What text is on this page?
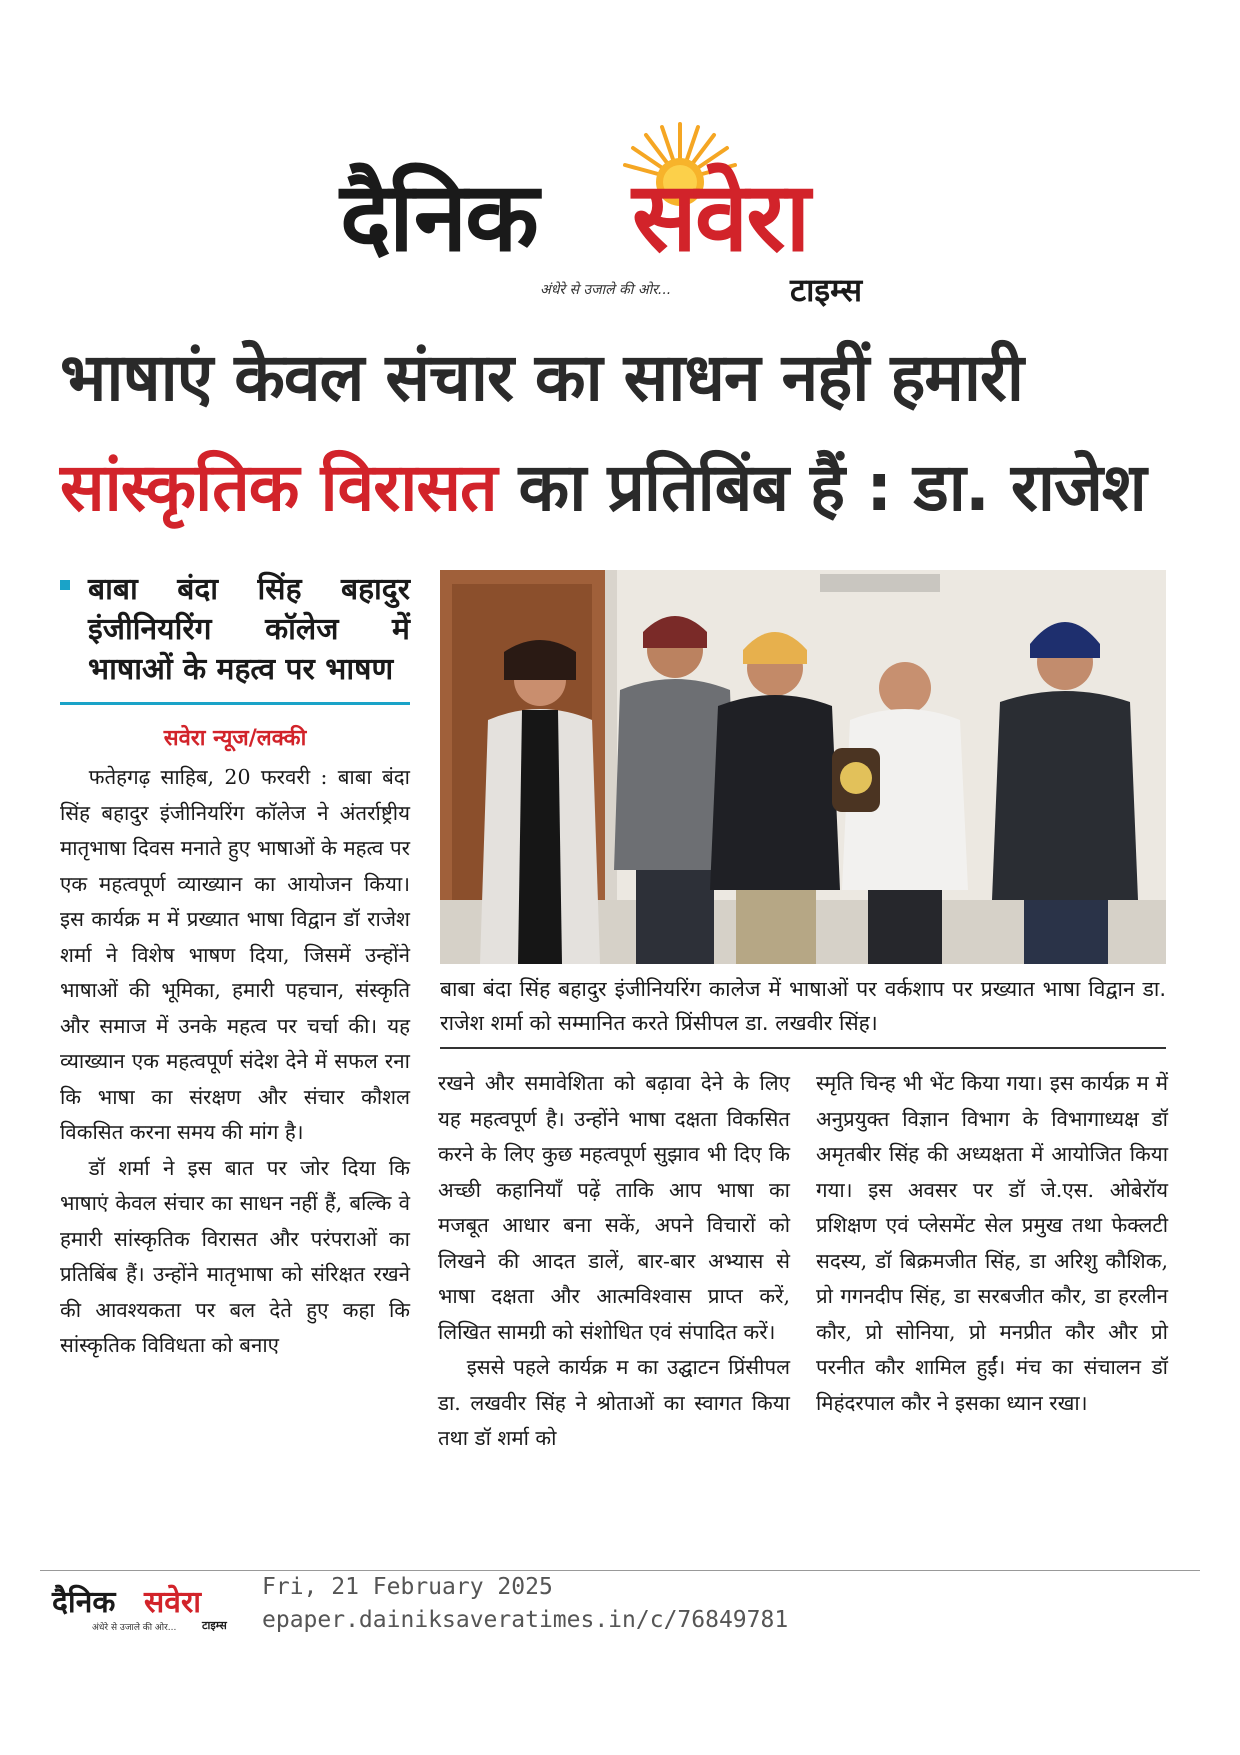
दैनिक सवेरा
अंधेरे से उजाले की ओर...	टाइम्स
भाषाएं केवल संचार का साधन नहीं हमारी
सांस्कृतिक विरासत का प्रतिबिंब हैं : डा. राजेश
बाबा बंदा सिंह बहादुर इंजीनियरिंग कॉलेज में भाषाओं के महत्व पर भाषण
सवेरा न्यूज/लक्की

फतेहगढ़ साहिब, 20 फरवरी : बाबा बंदा सिंह बहादुर इंजीनियरिंग कॉलेज ने अंतर्राष्ट्रीय मातृभाषा दिवस मनाते हुए भाषाओं के महत्व पर एक महत्वपूर्ण व्याख्यान का आयोजन किया। इस कार्यक्र म में प्रख्यात भाषा विद्वान डॉ राजेश शर्मा ने विशेष भाषण दिया, जिसमें उन्होंने भाषाओं की भूमिका, हमारी पहचान, संस्कृति और समाज में उनके महत्व पर चर्चा की। यह व्याख्यान एक महत्वपूर्ण संदेश देने में सफल रना कि भाषा का संरक्षण और संचार कौशल विकसित करना समय की मांग है।

डॉ शर्मा ने इस बात पर जोर दिया कि भाषाएं केवल संचार का साधन नहीं हैं, बल्कि वे हमारी सांस्कृतिक विरासत और परंपराओं का प्रतिबिंब हैं। उन्होंने मातृभाषा को संरिक्षत रखने की आवश्यकता पर बल देते हुए कहा कि सांस्कृतिक विविधता को बनाए

बाबा बंदा सिंह बहादुर इंजीनियरिंग कालेज में भाषाओं पर वर्कशाप पर प्रख्यात भाषा विद्वान डा. राजेश शर्मा को सम्मानित करते प्रिंसीपल डा. लखवीर सिंह।

रखने और समावेशिता को बढ़ावा देने के लिए यह महत्वपूर्ण है। उन्होंने भाषा दक्षता विकसित करने के लिए कुछ महत्वपूर्ण सुझाव भी दिए कि अच्छी कहानियाँ पढ़ें ताकि आप भाषा का मजबूत आधार बना सकें, अपने विचारों को लिखने की आदत डालें, बार-बार अभ्यास से भाषा दक्षता और आत्मविश्वास प्राप्त करें, लिखित सामग्री को संशोधित एवं संपादित करें।

इससे पहले कार्यक्र म का उद्घाटन प्रिंसीपल डा. लखवीर सिंह ने श्रोताओं का स्वागत किया तथा डॉ शर्मा को

स्मृति चिन्ह भी भेंट किया गया। इस कार्यक्र म में अनुप्रयुक्त विज्ञान विभाग के विभागाध्यक्ष डॉ अमृतबीर सिंह की अध्यक्षता में आयोजित किया गया। इस अवसर पर डॉ जे.एस. ओबेरॉय प्रशिक्षण एवं प्लेसमेंट सेल प्रमुख तथा फेक्लटी सदस्य, डॉ बिक्रमजीत सिंह, डा अरिशु कौशिक, प्रो गगनदीप सिंह, डा सरबजीत कौर, डा हरलीन कौर, प्रो सोनिया, प्रो मनप्रीत कौर और प्रो परनीत कौर शामिल हुईं। मंच का संचालन डॉ मिहंदरपाल कौर ने इसका ध्यान रखा।

दैनिक सवेरा
अंधेरे से उजाले की ओर... टाइम्स
Fri, 21 February 2025
epaper.dainiksaveratimes.in/c/76849781
